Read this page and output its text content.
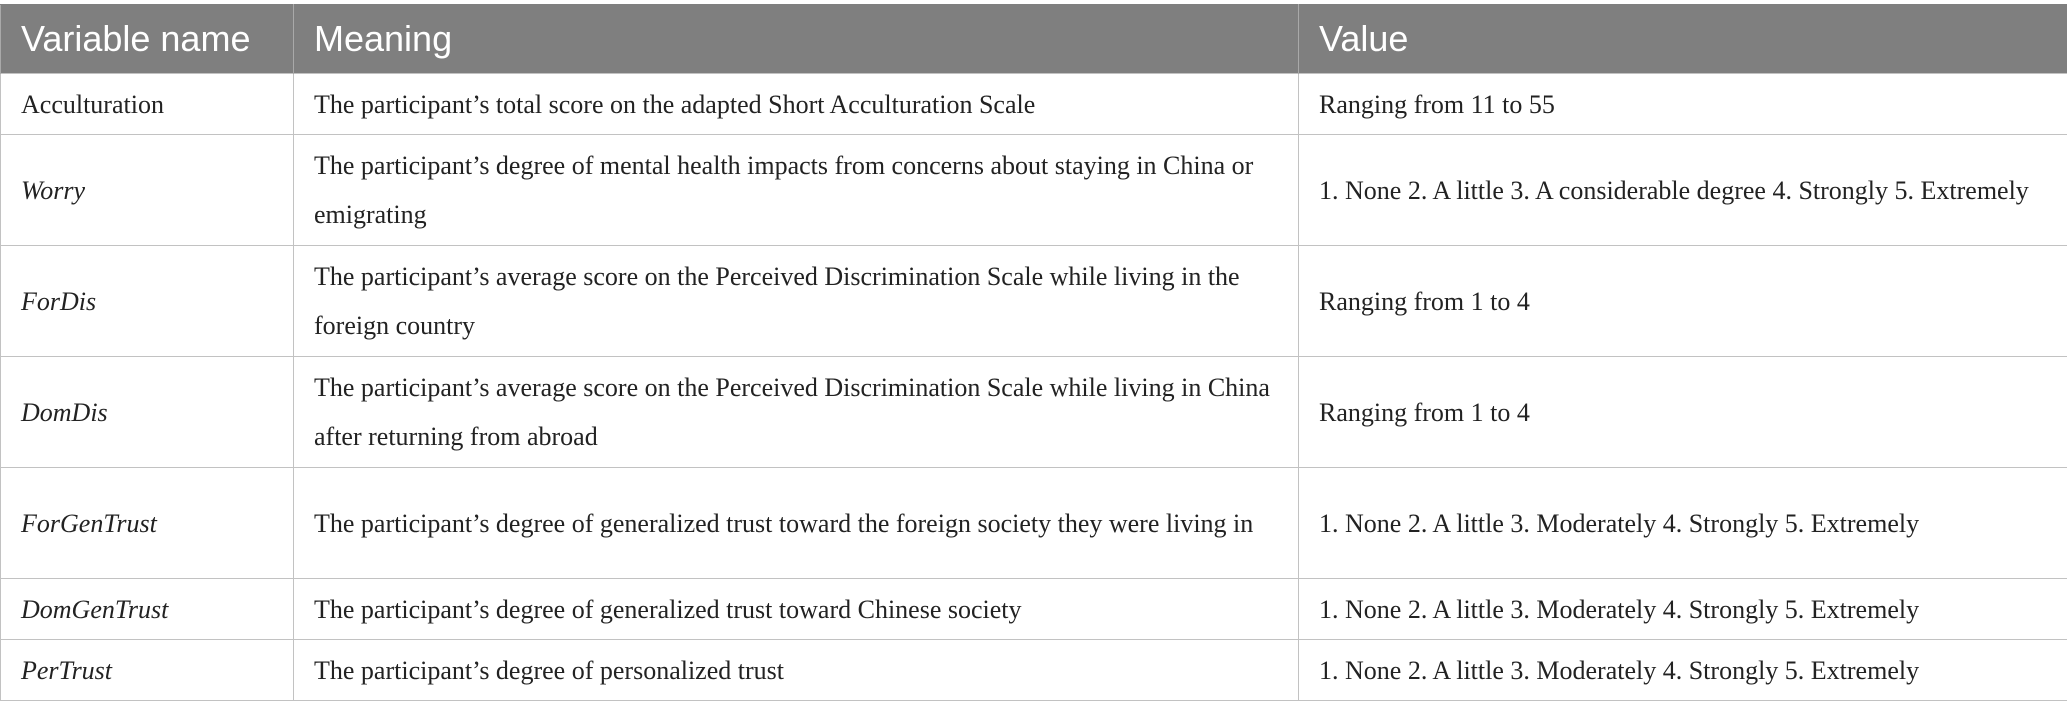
Variable name	Meaning	Value
Acculturation	The participant’s total score on the adapted Short Acculturation Scale	Ranging from 11 to 55
Worry	The participant’s degree of mental health impacts from concerns about staying in China or emigrating	1. None 2. A little 3. A considerable degree 4. Strongly 5. Extremely
ForDis	The participant’s average score on the Perceived Discrimination Scale while living in the foreign country	Ranging from 1 to 4
DomDis	The participant’s average score on the Perceived Discrimination Scale while living in China after returning from abroad	Ranging from 1 to 4
ForGenTrust	The participant’s degree of generalized trust toward the foreign society they were living in	1. None 2. A little 3. Moderately 4. Strongly 5. Extremely
DomGenTrust	The participant’s degree of generalized trust toward Chinese society	1. None 2. A little 3. Moderately 4. Strongly 5. Extremely
PerTrust	The participant’s degree of personalized trust	1. None 2. A little 3. Moderately 4. Strongly 5. Extremely
